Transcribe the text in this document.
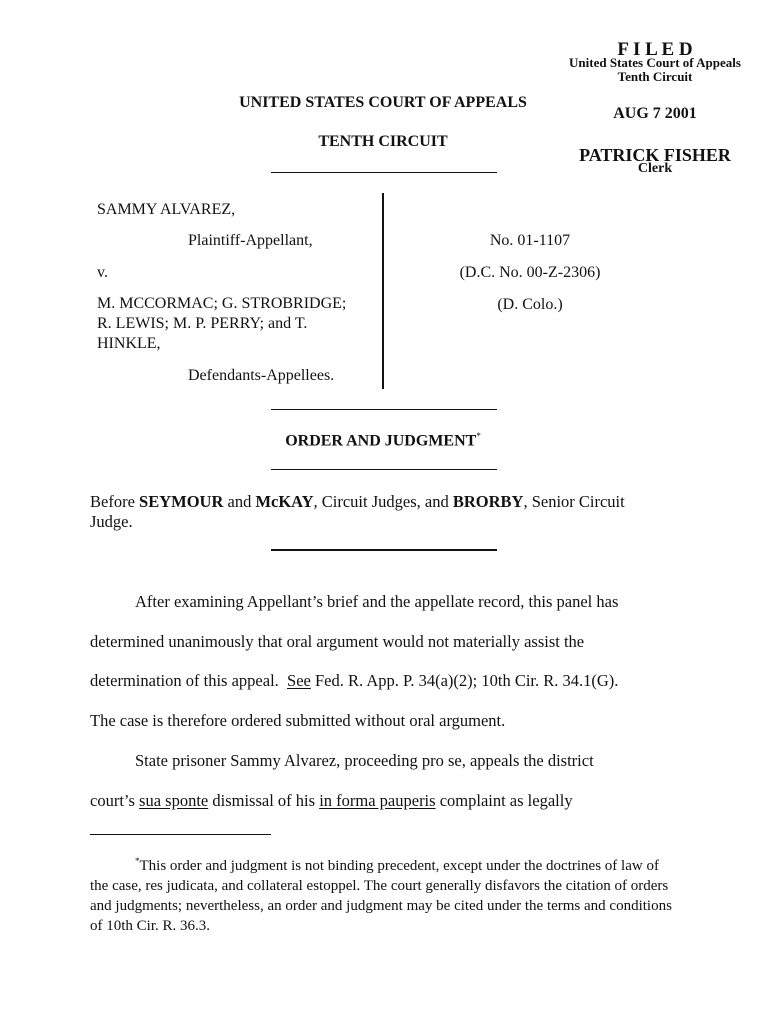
F I L E D
United States Court of Appeals
Tenth Circuit
AUG 7 2001
PATRICK FISHER
Clerk
UNITED STATES COURT OF APPEALS
TENTH CIRCUIT
SAMMY ALVAREZ,
Plaintiff-Appellant,
v.
M. MCCORMAC; G. STROBRIDGE;
R. LEWIS; M. P. PERRY; and T.
HINKLE,
Defendants-Appellees.
No. 01-1107
(D.C. No. 00-Z-2306)
(D. Colo.)
ORDER AND JUDGMENT*
Before SEYMOUR and McKAY, Circuit Judges, and BRORBY, Senior Circuit
Judge.
After examining Appellant’s brief and the appellate record, this panel has
determined unanimously that oral argument would not materially assist the
determination of this appeal.  See Fed. R. App. P. 34(a)(2); 10th Cir. R. 34.1(G).
The case is therefore ordered submitted without oral argument.
State prisoner Sammy Alvarez, proceeding pro se, appeals the district
court’s sua sponte dismissal of his in forma pauperis complaint as legally
*This order and judgment is not binding precedent, except under the doctrines of law of the case, res judicata, and collateral estoppel. The court generally disfavors the citation of orders and judgments; nevertheless, an order and judgment may be cited under the terms and conditions of 10th Cir. R. 36.3.
